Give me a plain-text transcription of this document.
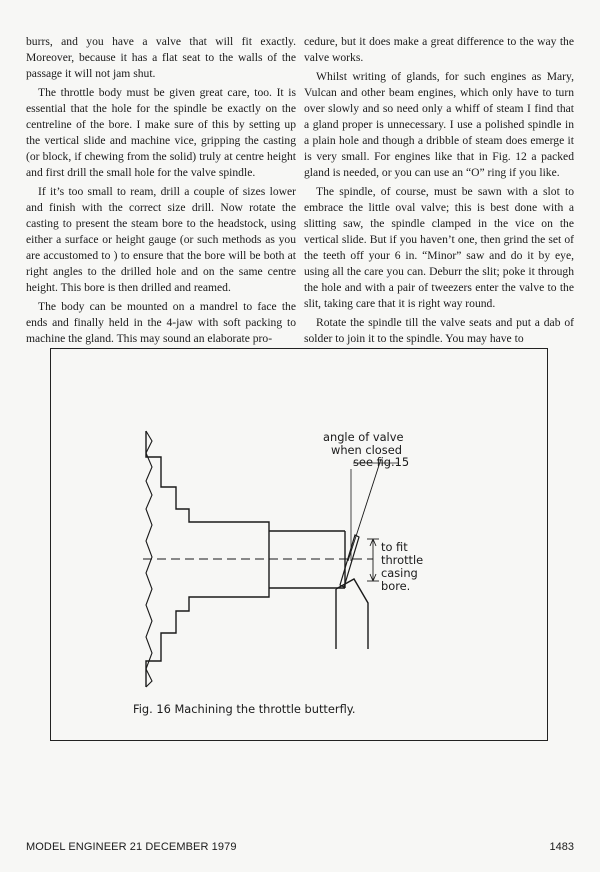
burrs, and you have a valve that will fit exactly. Moreover, because it has a flat seat to the walls of the passage it will not jam shut.

The throttle body must be given great care, too. It is essential that the hole for the spindle be exactly on the centreline of the bore. I make sure of this by setting up the vertical slide and machine vice, gripping the casting (or block, if chewing from the solid) truly at centre height and first drill the small hole for the valve spindle.

If it’s too small to ream, drill a couple of sizes lower and finish with the correct size drill. Now rotate the casting to present the steam bore to the headstock, using either a surface or height gauge (or such methods as you are accustomed to ) to ensure that the bore will be both at right angles to the drilled hole and on the same centre height. This bore is then drilled and reamed.

The body can be mounted on a mandrel to face the ends and finally held in the 4-jaw with soft packing to machine the gland. This may sound an elaborate pro-

cedure, but it does make a great difference to the way the valve works.

Whilst writing of glands, for such engines as Mary, Vulcan and other beam engines, which only have to turn over slowly and so need only a whiff of steam I find that a gland proper is unnecessary. I use a polished spindle in a plain hole and though a dribble of steam does emerge it is very small. For engines like that in Fig. 12 a packed gland is needed, or you can use an “O” ring if you like.

The spindle, of course, must be sawn with a slot to embrace the little oval valve; this is best done with a slitting saw, the spindle clamped in the vice on the vertical slide. But if you haven’t one, then grind the set of the teeth off your 6 in. “Minor” saw and do it by eye, using all the care you can. Deburr the slit; poke it through the hole and with a pair of tweezers enter the valve to the slit, taking care that it is right way round.

Rotate the spindle till the valve seats and put a dab of solder to join it to the spindle. You may have to

angle of valve
when closed
see fig.15
to fit
throttle
casing
bore.
Fig. 16 Machining the throttle butterfly.
MODEL ENGINEER 21 DECEMBER 1979	1483
